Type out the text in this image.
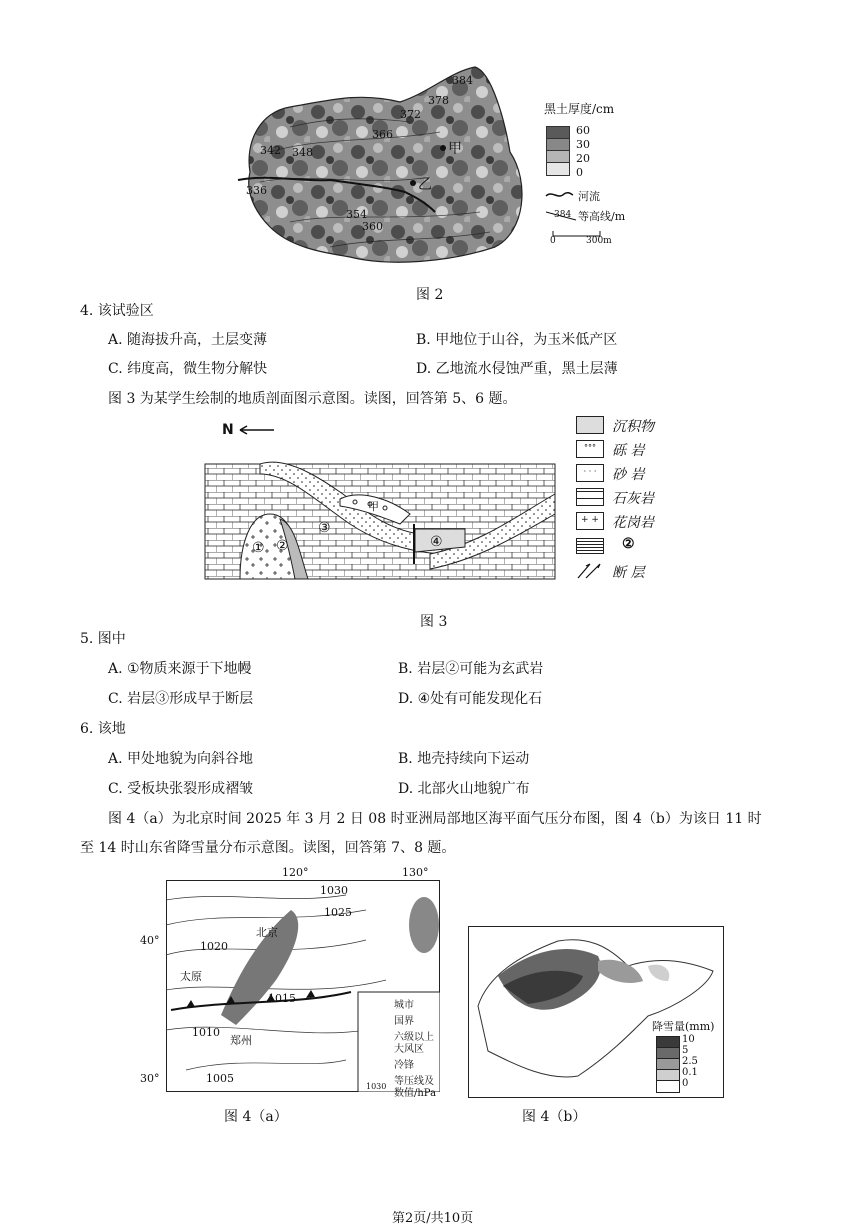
384
378
372
366
348
342
336
354
360
甲
乙
黑土厚度/cm
60
30
20
0
河流
384 等高线/m
0	300m
图 2
4. 该试验区
A. 随海拔升高，土层变薄	B. 甲地位于山谷，为玉米低产区
C. 纬度高，微生物分解快	D. 乙地流水侵蚀严重，黑土层薄
图 3 为某学生绘制的地质剖面图示意图。读图，回答第 5、6 题。
N
甲
① ②
③
④
沉积物
°°°	砾 岩
· · ·	砂 岩
石灰岩
+ + 花岗岩
②
断 层
图 3
5. 图中
A. ①物质来源于下地幔	B. 岩层②可能为玄武岩
C. 岩层③形成早于断层	D. ④处有可能发现化石
6. 该地
A. 甲处地貌为向斜谷地	B. 地壳持续向下运动
C. 受板块张裂形成褶皱	D. 北部火山地貌广布
图 4（a）为北京时间 2025 年 3 月 2 日 08 时亚洲局部地区海平面气压分布图，图 4（b）为该日 11 时
至 14 时山东省降雪量分布示意图。读图，回答第 7、8 题。
120°	130°
40°
30°
1030
1025
1020
1015
1010
1005
北京
太原
郑州
城市
国界
六级以上
大风区
冷锋
等压线及
数值/hPa
1030
图 4（a）
降雪量(mm)
10
5
2.5
0.1
0
图 4（b）
第2页/共10页
